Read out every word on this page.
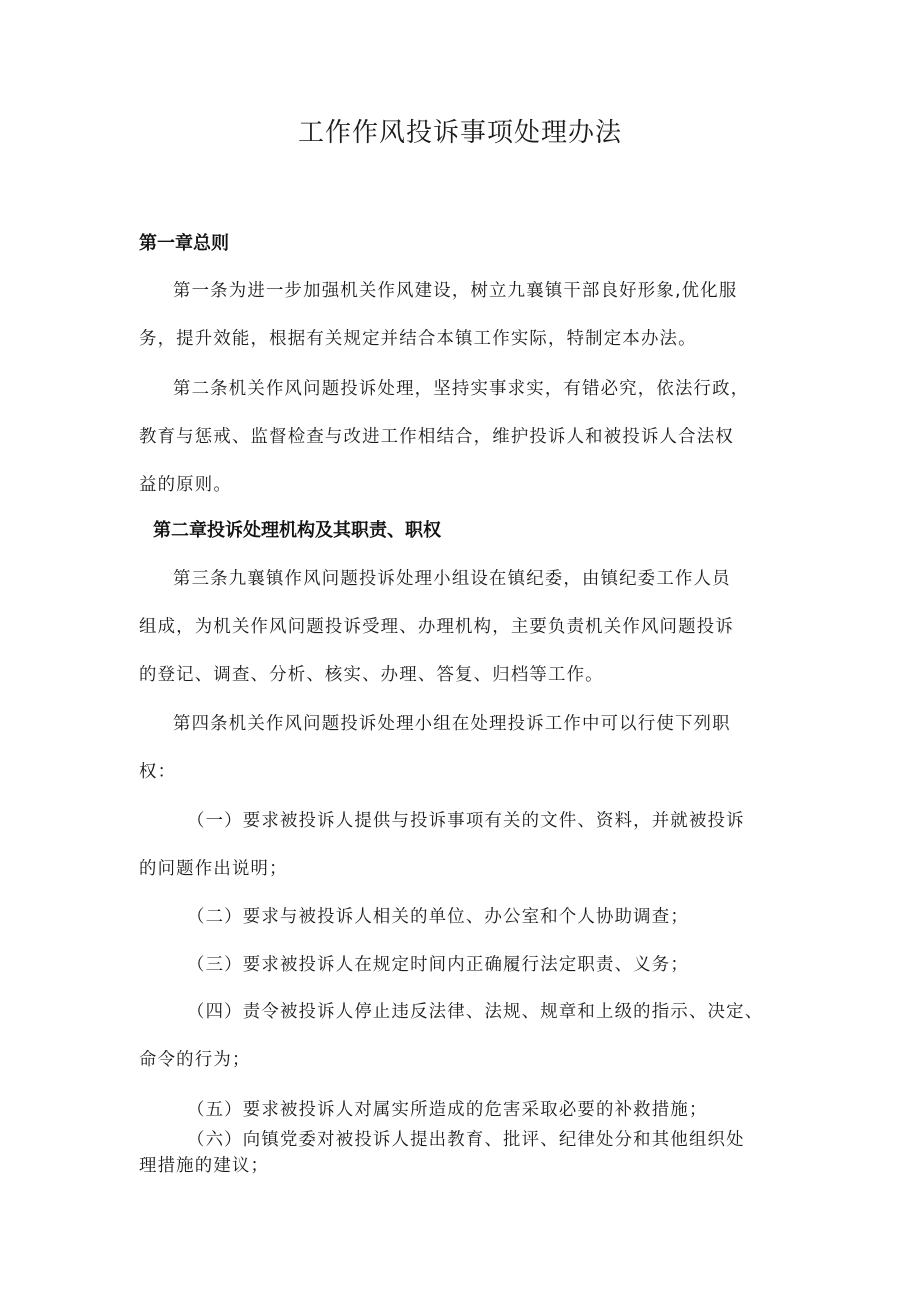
工作作风投诉事项处理办法
第一章总则
第一条为进一步加强机关作风建设，树立九襄镇干部良好形象,优化服
务，提升效能，根据有关规定并结合本镇工作实际，特制定本办法。
第二条机关作风问题投诉处理，坚持实事求实，有错必究，依法行政，
教育与惩戒、监督检查与改进工作相结合，维护投诉人和被投诉人合法权
益的原则。
第二章投诉处理机构及其职责、职权
第三条九襄镇作风问题投诉处理小组设在镇纪委，由镇纪委工作人员
组成，为机关作风问题投诉受理、办理机构，主要负责机关作风问题投诉
的登记、调查、分析、核实、办理、答复、归档等工作。
第四条机关作风问题投诉处理小组在处理投诉工作中可以行使下列职
权：
（一）要求被投诉人提供与投诉事项有关的文件、资料，并就被投诉
的问题作出说明；
（二）要求与被投诉人相关的单位、办公室和个人协助调查；
（三）要求被投诉人在规定时间内正确履行法定职责、义务；
（四）责令被投诉人停止违反法律、法规、规章和上级的指示、决定、
命令的行为；
（五）要求被投诉人对属实所造成的危害采取必要的补救措施；
（六）向镇党委对被投诉人提出教育、批评、纪律处分和其他组织处
理措施的建议；
